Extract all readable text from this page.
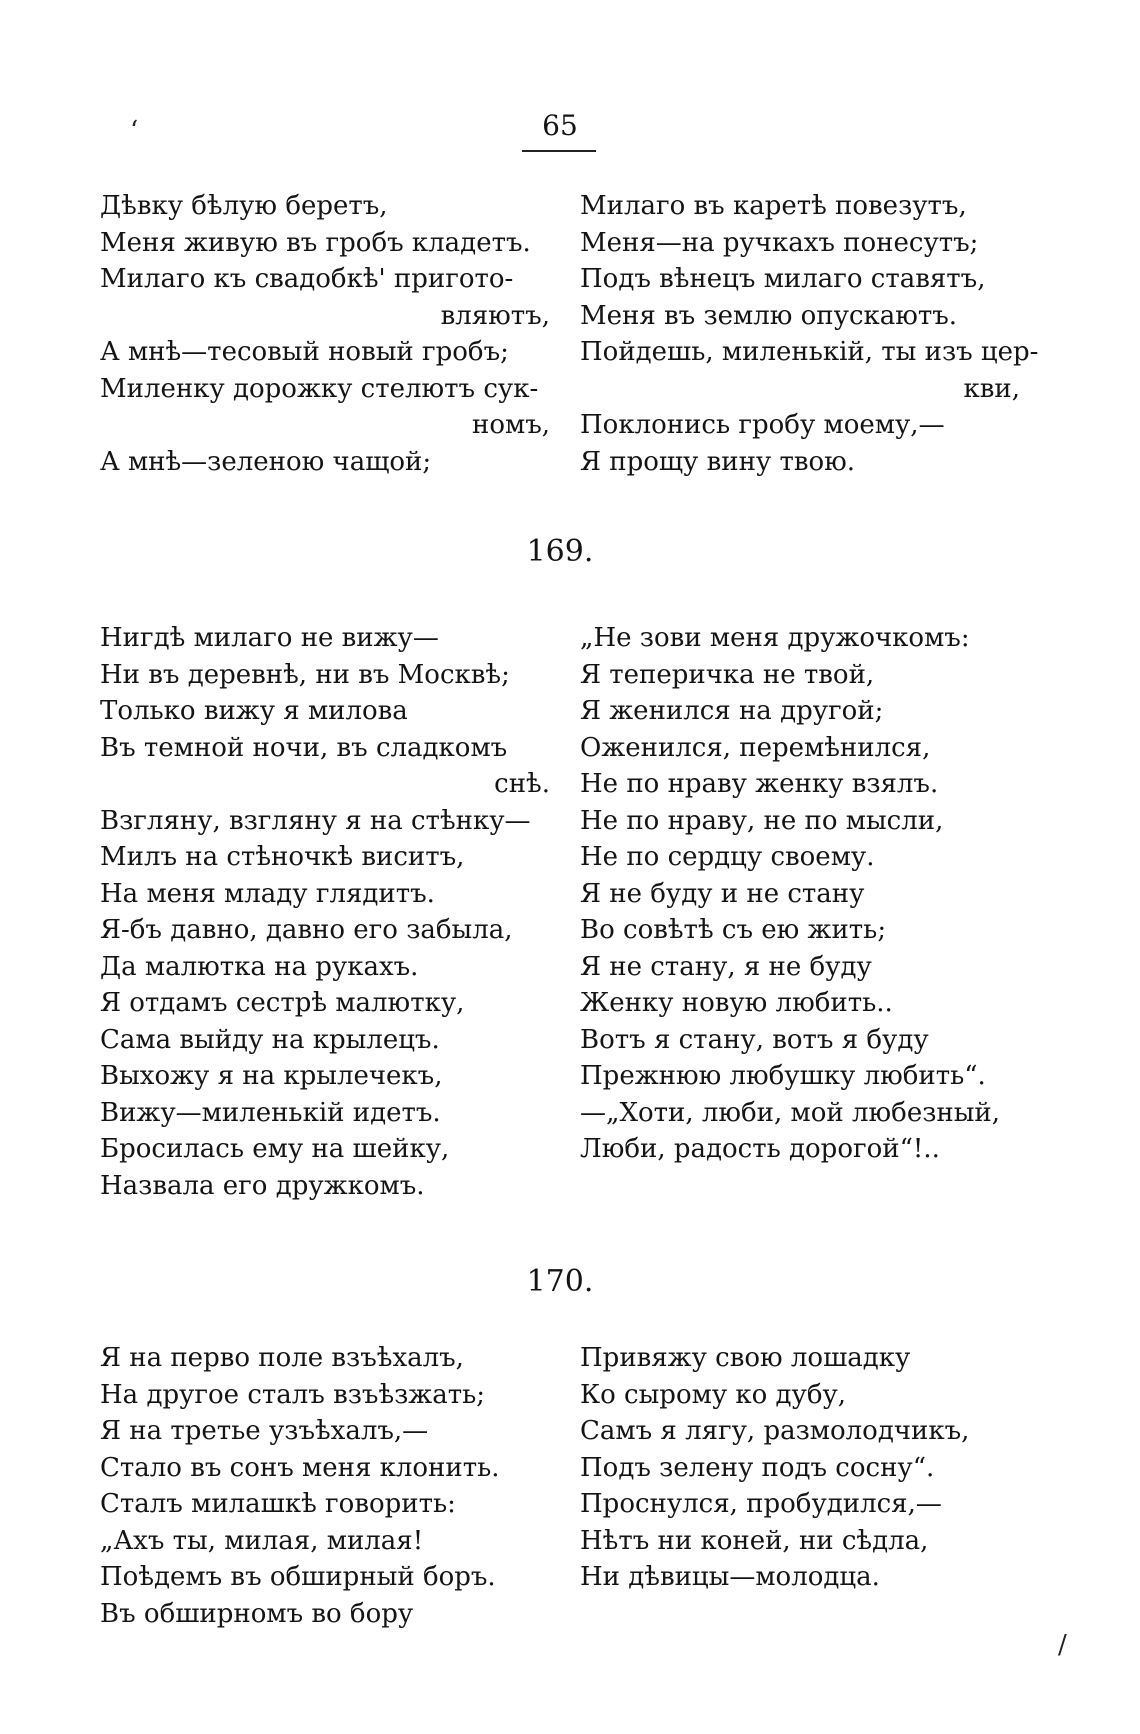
‘	65
Дѣвку бѣлую беретъ,
Меня живую въ гробъ кладетъ.
Милаго къ свадобкѣ' пригото-
вляютъ,
А мнѣ—тесовый новый гробъ;
Миленку дорожку стелютъ сук-
номъ,
А мнѣ—зеленою чащой;
Милаго въ каретѣ повезутъ,
Меня—на ручкахъ понесутъ;
Подъ вѣнецъ милаго ставятъ,
Меня въ землю опускаютъ.
Пойдешь, миленькій, ты изъ цер-
кви,
Поклонись гробу моему,—
Я прощу вину твою.
169.
Нигдѣ милаго не вижу—
Ни въ деревнѣ, ни въ Москвѣ;
Только вижу я милова
Въ темной ночи, въ сладкомъ
снѣ.
Взгляну, взгляну я на стѣнку—
Милъ на стѣночкѣ виситъ,
На меня младу глядитъ.
Я-бъ давно, давно его забыла,
Да малютка на рукахъ.
Я отдамъ сестрѣ малютку,
Сама выйду на крылецъ.
Выхожу я на крылечекъ,
Вижу—миленькій идетъ.
Бросилась ему на шейку,
Назвала его дружкомъ.
„Не зови меня дружочкомъ:
Я теперичка не твой,
Я женился на другой;
Оженился, перемѣнился,
Не по нраву женку взялъ.
Не по нраву, не по мысли,
Не по сердцу своему.
Я не буду и не стану
Во совѣтѣ съ ею жить;
Я не стану, я не буду
Женку новую любить..
Вотъ я стану, вотъ я буду
Прежнюю любушку любить“.
—„Хоти, люби, мой любезный,
Люби, радость дорогой“!..
170.
Я на перво поле взъѣхалъ,
На другое сталъ взъѣзжать;
Я на третье узъѣхалъ,—
Стало въ сонъ меня клонить.
Сталъ милашкѣ говорить:
„Ахъ ты, милая, милая!
Поѣдемъ въ обширный боръ.
Въ обширномъ во бору
Привяжу свою лошадку
Ко сырому ко дубу,
Самъ я лягу, размолодчикъ,
Подъ зелену подъ сосну“.
Проснулся, пробудился,—
Нѣтъ ни коней, ни сѣдла,
Ни дѣвицы—молодца.
/
